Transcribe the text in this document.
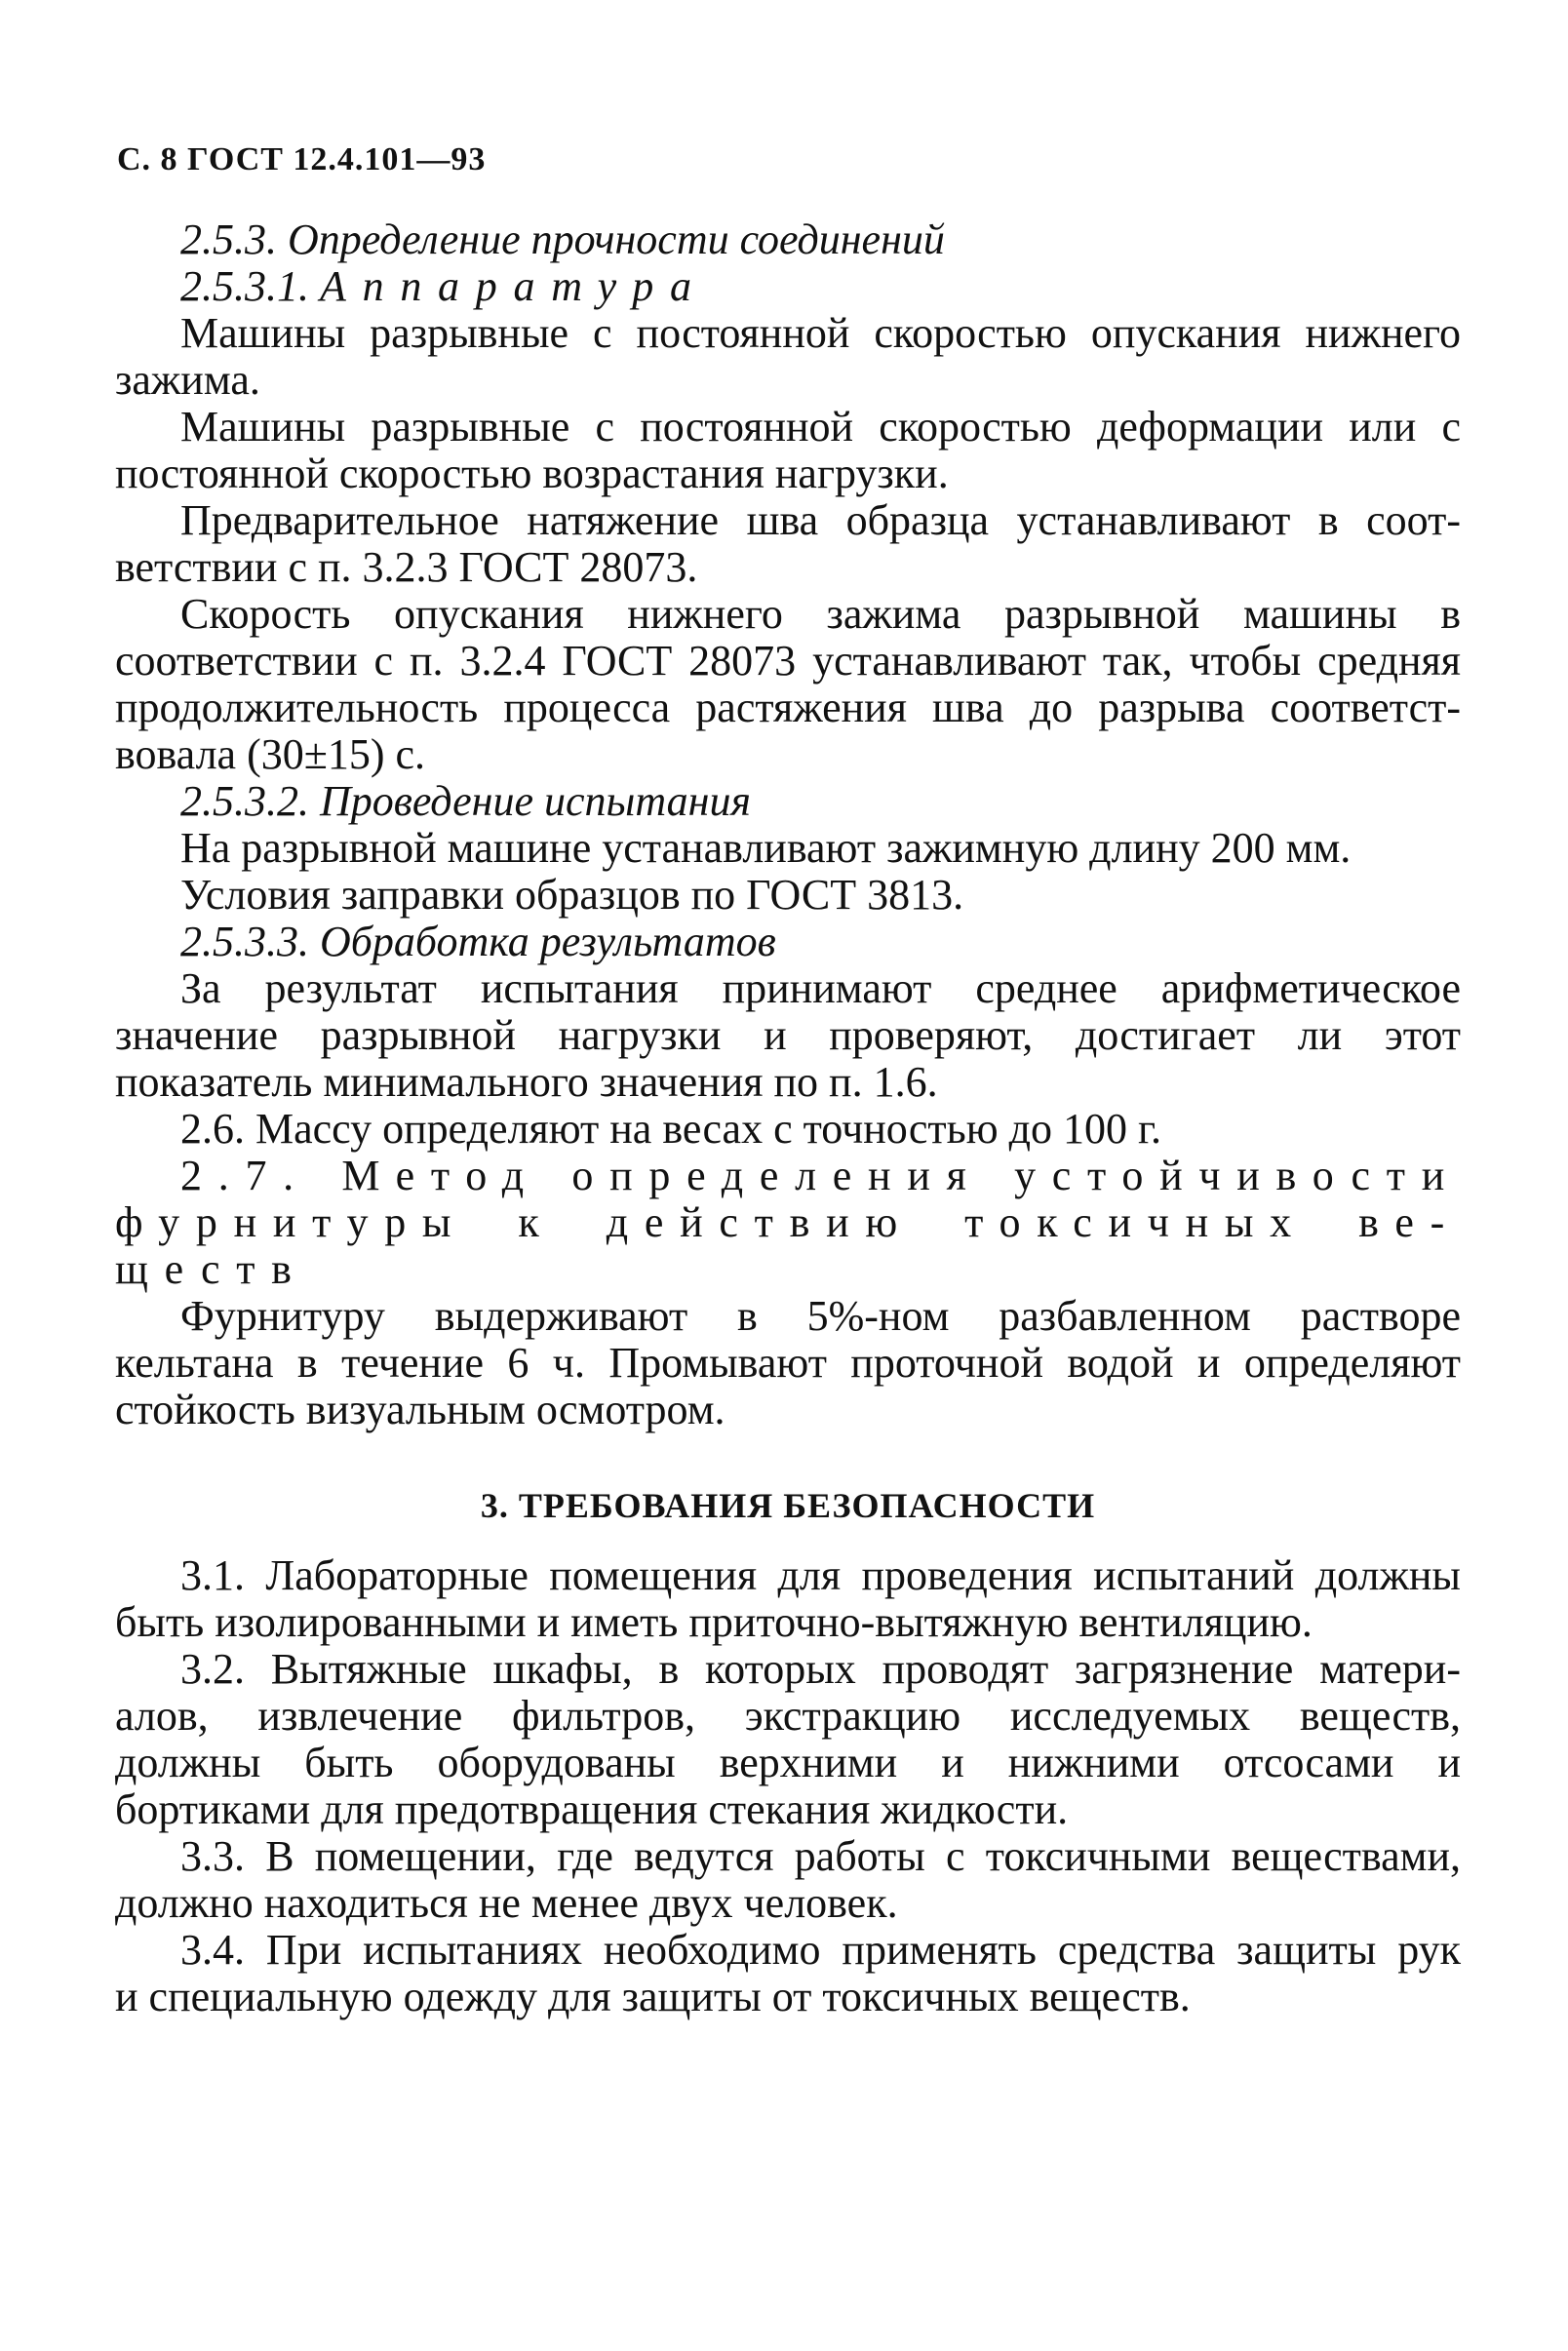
С. 8 ГОСТ 12.4.101—93
2.5.3. Определение прочности соединений
2.5.3.1. Аппаратура
Машины разрывные с постоянной скоростью опускания нижнего
зажима.
Машины разрывные с постоянной скоростью деформации или с
постоянной скоростью возрастания нагрузки.
Предварительное натяжение шва образца устанавливают в соот-
ветствии с п. 3.2.3 ГОСТ 28073.
Скорость опускания нижнего зажима разрывной машины в
соответствии с п. 3.2.4 ГОСТ 28073 устанавливают так, чтобы средняя
продолжительность процесса растяжения шва до разрыва соответст-
вовала (30±15) с.
2.5.3.2. Проведение испытания
На разрывной машине устанавливают зажимную длину 200 мм.
Условия заправки образцов по ГОСТ 3813.
2.5.3.3. Обработка результатов
За результат испытания принимают среднее арифметическое
значение разрывной нагрузки и проверяют, достигает ли этот
показатель минимального значения по п. 1.6.
2.6. Массу определяют на весах с точностью до 100 г.
2.7. Метод определения устойчивости
фурнитуры к действию токсичных ве-
ществ
Фурнитуру выдерживают в 5%-ном разбавленном растворе
кельтана в течение 6 ч. Промывают проточной водой и определяют
стойкость визуальным осмотром.
3. ТРЕБОВАНИЯ БЕЗОПАСНОСТИ
3.1. Лабораторные помещения для проведения испытаний должны
быть изолированными и иметь приточно-вытяжную вентиляцию.
3.2. Вытяжные шкафы, в которых проводят загрязнение матери-
алов, извлечение фильтров, экстракцию исследуемых веществ,
должны быть оборудованы верхними и нижними отсосами и
бортиками для предотвращения стекания жидкости.
3.3. В помещении, где ведутся работы с токсичными веществами,
должно находиться не менее двух человек.
3.4. При испытаниях необходимо применять средства защиты рук
и специальную одежду для защиты от токсичных веществ.
